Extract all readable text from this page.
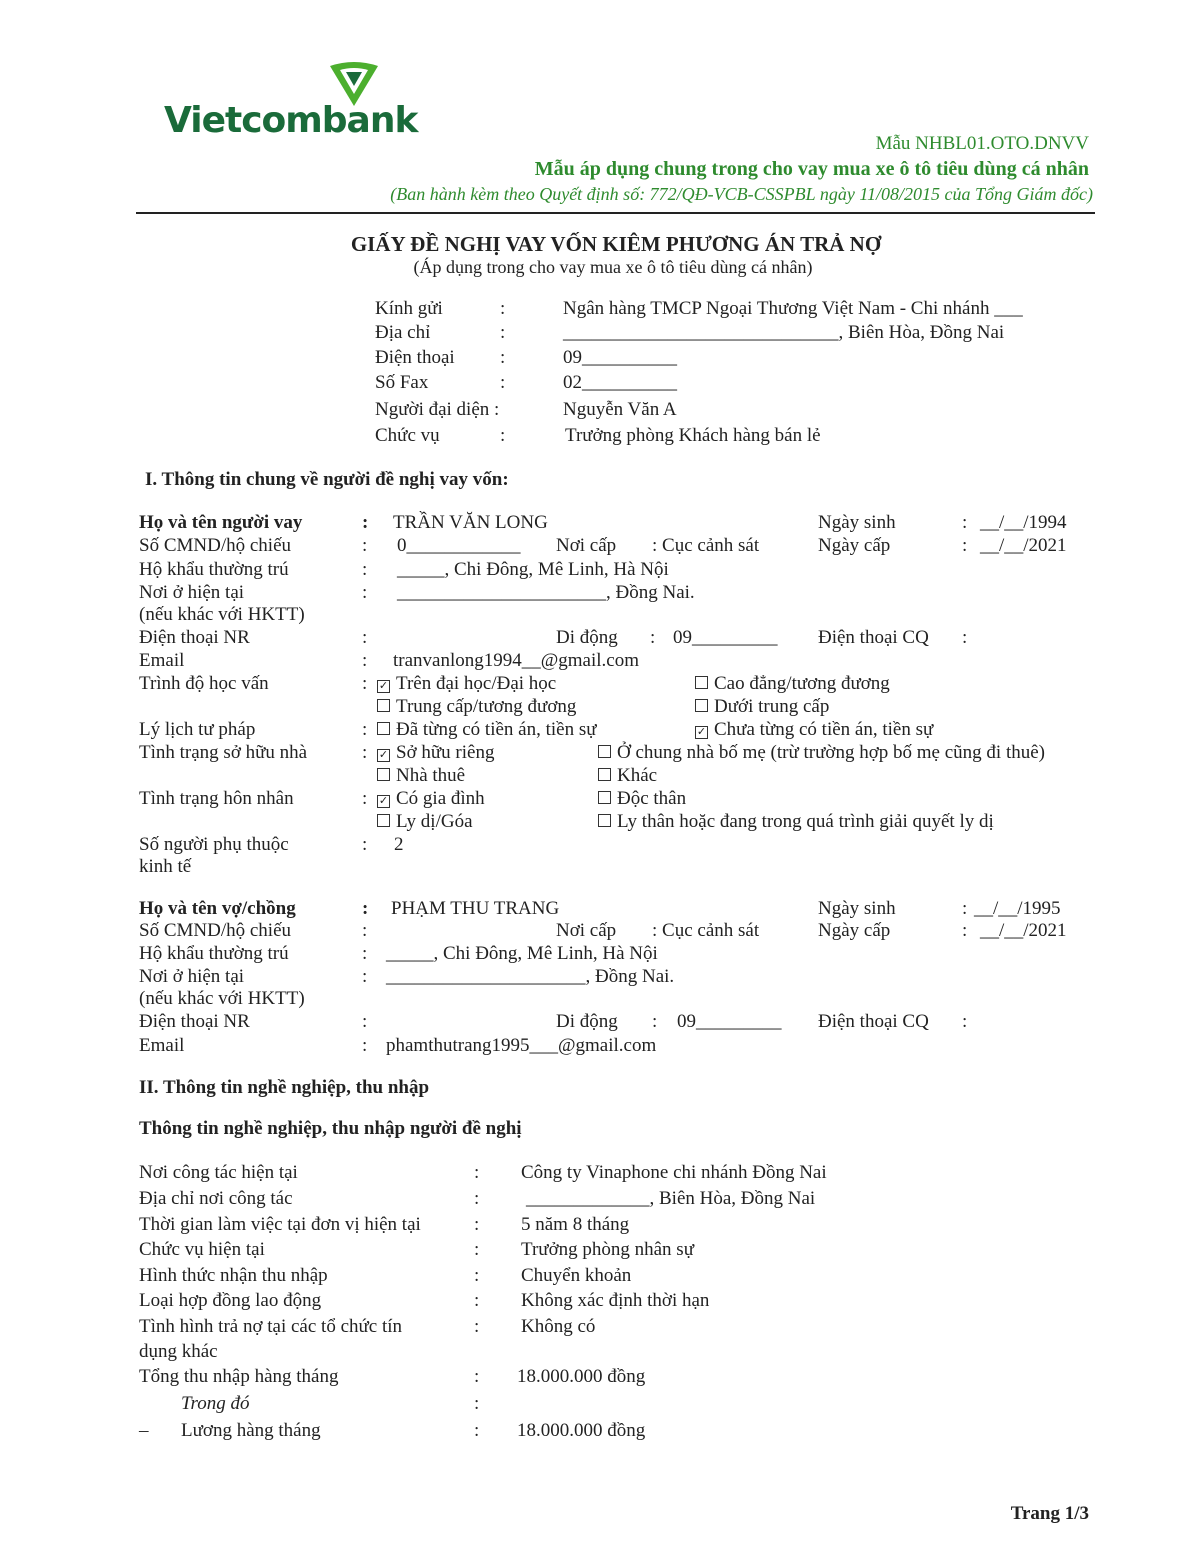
Vietcombank
Mẫu NHBL01.OTO.DNVV
Mẫu áp dụng chung trong cho vay mua xe ô tô tiêu dùng cá nhân
(Ban hành kèm theo Quyết định số: 772/QĐ-VCB-CSSPBL ngày 11/08/2015 của Tổng Giám đốc)
GIẤY ĐỀ NGHỊ VAY VỐN KIÊM PHƯƠNG ÁN TRẢ NỢ
(Áp dụng trong cho vay mua xe ô tô tiêu dùng cá nhân)
Kính gửi	:	Ngân hàng TMCP Ngoại Thương Việt Nam - Chi nhánh ___
Địa chỉ	:	_____________________________, Biên Hòa, Đồng Nai
Điện thoại :	09__________
Số Fax	:	02__________
Người đại diện :	Nguyễn Văn A
Chức vụ	:	Trưởng phòng Khách hàng bán lẻ
I. Thông tin chung về người đề nghị vay vốn:
Họ và tên người vay	: TRẦN VĂN LONG	Ngày sinh	: __/__/1994
Số CMND/hộ chiếu	: 0____________ Nơi cấp : Cục cảnh sát	Ngày cấp	: __/__/2021
Hộ khẩu thường trú	: _____, Chi Đông, Mê Linh, Hà Nội
Nơi ở hiện tại	: ______________________, Đồng Nai.
(nếu khác với HKTT)
Điện thoại NR	:	Di động : 09_________ Điện thoại CQ :
Email	: tranvanlong1994__@gmail.com
Trình độ học vấn	: ✓ Trên đại học/Đại học	Cao đẳng/tương đương
Trung cấp/tương đương	Dưới trung cấp
Lý lịch tư pháp	:	Đã từng có tiền án, tiền sự	✓ Chưa từng có tiền án, tiền sự
Tình trạng sở hữu nhà	: ✓ Sở hữu riêng	Ở chung nhà bố mẹ (trừ trường hợp bố mẹ cũng đi thuê)
Nhà thuê	Khác
Tình trạng hôn nhân	: ✓ Có gia đình	Độc thân
Ly dị/Góa	Ly thân hoặc đang trong quá trình giải quyết ly dị
Số người phụ thuộc
kinh tế
: 2
Họ và tên vợ/chồng	: PHẠM THU TRANG	Ngày sinh	: __/__/1995
Số CMND/hộ chiếu	:	Nơi cấp : Cục cảnh sát	Ngày cấp	: __/__/2021
Hộ khẩu thường trú	: _____, Chi Đông, Mê Linh, Hà Nội
Nơi ở hiện tại	: _____________________, Đồng Nai.
(nếu khác với HKTT)
Điện thoại NR	:	Di động : 09_________ Điện thoại CQ :
Email	: phamthutrang1995___@gmail.com
II. Thông tin nghề nghiệp, thu nhập
Thông tin nghề nghiệp, thu nhập người đề nghị
Nơi công tác hiện tại	: Công ty Vinaphone chi nhánh Đồng Nai
Địa chỉ nơi công tác	: _____________, Biên Hòa, Đồng Nai
Thời gian làm việc tại đơn vị hiện tại	: 5 năm 8 tháng
Chức vụ hiện tại	: Trưởng phòng nhân sự
Hình thức nhận thu nhập	: Chuyển khoản
Loại hợp đồng lao động	: Không xác định thời hạn
Tình hình trả nợ tại các tổ chức tín
dụng khác
: Không có
Tổng thu nhập hàng tháng	: 18.000.000 đồng
Trong đó	:
– Lương hàng tháng	: 18.000.000 đồng
Trang 1/3
